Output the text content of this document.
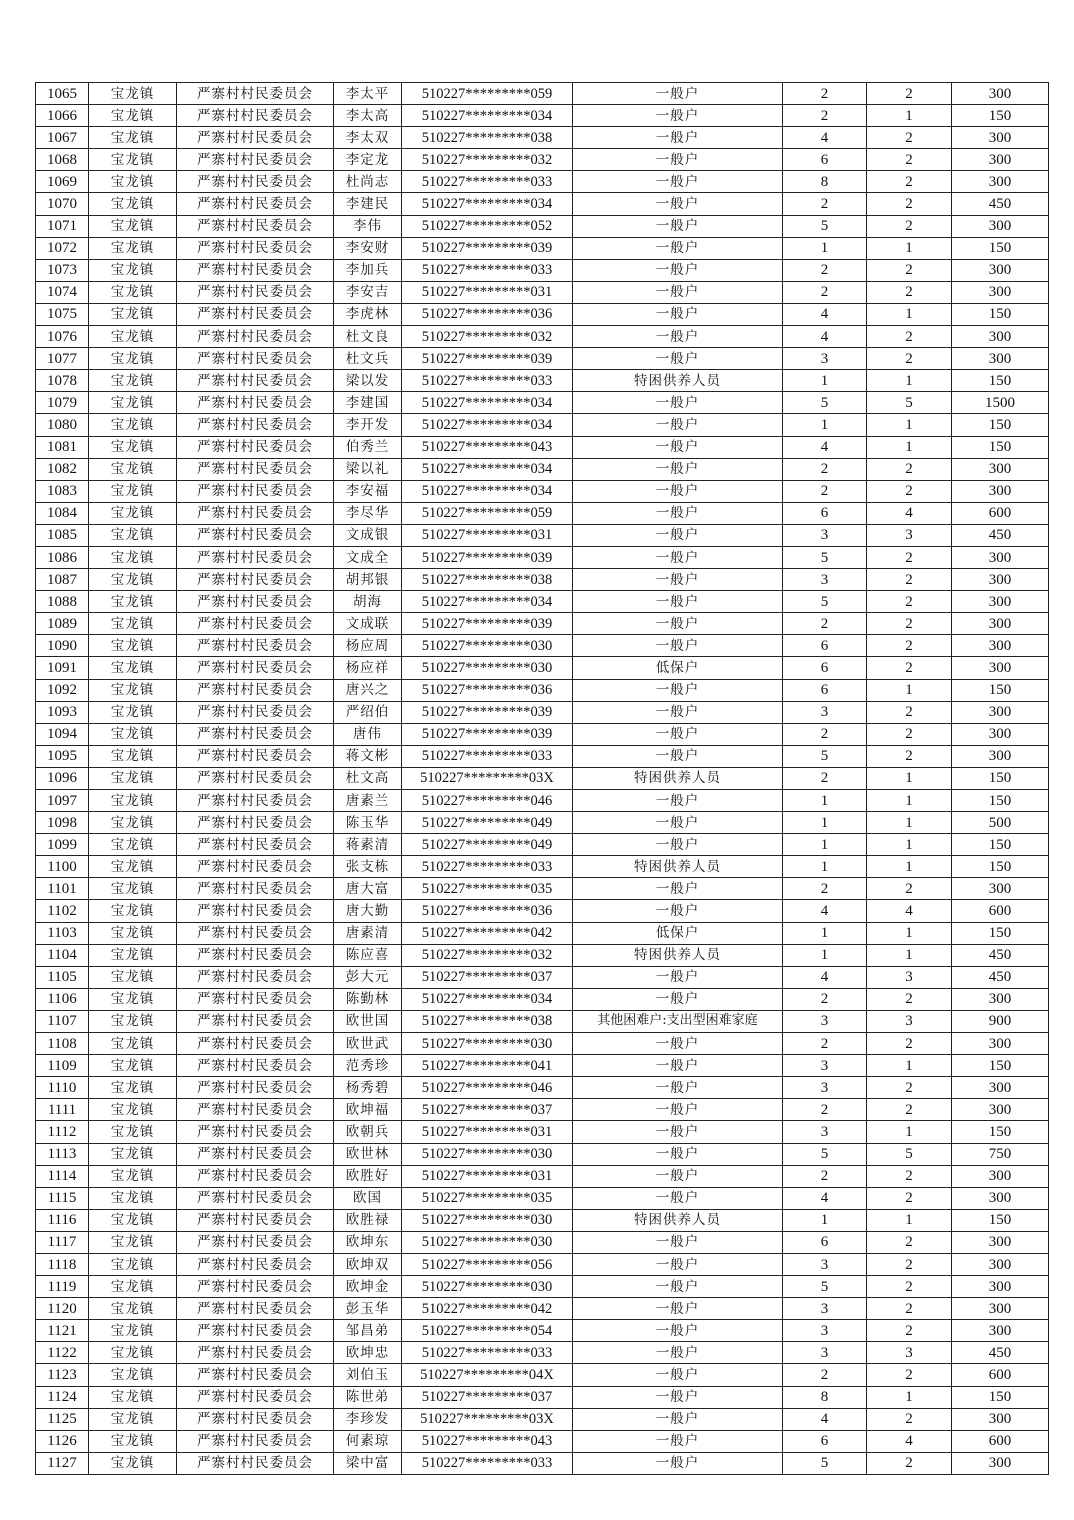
1065	宝龙镇	严寨村村民委员会	李太平	510227*********059	一般户	2	2	300
1066	宝龙镇	严寨村村民委员会	李太高	510227*********034	一般户	2	1	150
1067	宝龙镇	严寨村村民委员会	李太双	510227*********038	一般户	4	2	300
1068	宝龙镇	严寨村村民委员会	李定龙	510227*********032	一般户	6	2	300
1069	宝龙镇	严寨村村民委员会	杜尚志	510227*********033	一般户	8	2	300
1070	宝龙镇	严寨村村民委员会	李建民	510227*********034	一般户	2	2	450
1071	宝龙镇	严寨村村民委员会	李伟	510227*********052	一般户	5	2	300
1072	宝龙镇	严寨村村民委员会	李安财	510227*********039	一般户	1	1	150
1073	宝龙镇	严寨村村民委员会	李加兵	510227*********033	一般户	2	2	300
1074	宝龙镇	严寨村村民委员会	李安吉	510227*********031	一般户	2	2	300
1075	宝龙镇	严寨村村民委员会	李虎林	510227*********036	一般户	4	1	150
1076	宝龙镇	严寨村村民委员会	杜文良	510227*********032	一般户	4	2	300
1077	宝龙镇	严寨村村民委员会	杜文兵	510227*********039	一般户	3	2	300
1078	宝龙镇	严寨村村民委员会	梁以发	510227*********033	特困供养人员	1	1	150
1079	宝龙镇	严寨村村民委员会	李建国	510227*********034	一般户	5	5	1500
1080	宝龙镇	严寨村村民委员会	李开发	510227*********034	一般户	1	1	150
1081	宝龙镇	严寨村村民委员会	伯秀兰	510227*********043	一般户	4	1	150
1082	宝龙镇	严寨村村民委员会	梁以礼	510227*********034	一般户	2	2	300
1083	宝龙镇	严寨村村民委员会	李安福	510227*********034	一般户	2	2	300
1084	宝龙镇	严寨村村民委员会	李尽华	510227*********059	一般户	6	4	600
1085	宝龙镇	严寨村村民委员会	文成银	510227*********031	一般户	3	3	450
1086	宝龙镇	严寨村村民委员会	文成全	510227*********039	一般户	5	2	300
1087	宝龙镇	严寨村村民委员会	胡邦银	510227*********038	一般户	3	2	300
1088	宝龙镇	严寨村村民委员会	胡海	510227*********034	一般户	5	2	300
1089	宝龙镇	严寨村村民委员会	文成联	510227*********039	一般户	2	2	300
1090	宝龙镇	严寨村村民委员会	杨应周	510227*********030	一般户	6	2	300
1091	宝龙镇	严寨村村民委员会	杨应祥	510227*********030	低保户	6	2	300
1092	宝龙镇	严寨村村民委员会	唐兴之	510227*********036	一般户	6	1	150
1093	宝龙镇	严寨村村民委员会	严绍伯	510227*********039	一般户	3	2	300
1094	宝龙镇	严寨村村民委员会	唐伟	510227*********039	一般户	2	2	300
1095	宝龙镇	严寨村村民委员会	蒋文彬	510227*********033	一般户	5	2	300
1096	宝龙镇	严寨村村民委员会	杜文高	510227*********03X	特困供养人员	2	1	150
1097	宝龙镇	严寨村村民委员会	唐素兰	510227*********046	一般户	1	1	150
1098	宝龙镇	严寨村村民委员会	陈玉华	510227*********049	一般户	1	1	500
1099	宝龙镇	严寨村村民委员会	蒋素清	510227*********049	一般户	1	1	150
1100	宝龙镇	严寨村村民委员会	张支栋	510227*********033	特困供养人员	1	1	150
1101	宝龙镇	严寨村村民委员会	唐大富	510227*********035	一般户	2	2	300
1102	宝龙镇	严寨村村民委员会	唐大勤	510227*********036	一般户	4	4	600
1103	宝龙镇	严寨村村民委员会	唐素清	510227*********042	低保户	1	1	150
1104	宝龙镇	严寨村村民委员会	陈应喜	510227*********032	特困供养人员	1	1	450
1105	宝龙镇	严寨村村民委员会	彭大元	510227*********037	一般户	4	3	450
1106	宝龙镇	严寨村村民委员会	陈勤林	510227*********034	一般户	2	2	300
1107	宝龙镇	严寨村村民委员会	欧世国	510227*********038	其他困难户:支出型困难家庭	3	3	900
1108	宝龙镇	严寨村村民委员会	欧世武	510227*********030	一般户	2	2	300
1109	宝龙镇	严寨村村民委员会	范秀珍	510227*********041	一般户	3	1	150
1110	宝龙镇	严寨村村民委员会	杨秀碧	510227*********046	一般户	3	2	300
1111	宝龙镇	严寨村村民委员会	欧坤福	510227*********037	一般户	2	2	300
1112	宝龙镇	严寨村村民委员会	欧朝兵	510227*********031	一般户	3	1	150
1113	宝龙镇	严寨村村民委员会	欧世林	510227*********030	一般户	5	5	750
1114	宝龙镇	严寨村村民委员会	欧胜好	510227*********031	一般户	2	2	300
1115	宝龙镇	严寨村村民委员会	欧国	510227*********035	一般户	4	2	300
1116	宝龙镇	严寨村村民委员会	欧胜禄	510227*********030	特困供养人员	1	1	150
1117	宝龙镇	严寨村村民委员会	欧坤东	510227*********030	一般户	6	2	300
1118	宝龙镇	严寨村村民委员会	欧坤双	510227*********056	一般户	3	2	300
1119	宝龙镇	严寨村村民委员会	欧坤金	510227*********030	一般户	5	2	300
1120	宝龙镇	严寨村村民委员会	彭玉华	510227*********042	一般户	3	2	300
1121	宝龙镇	严寨村村民委员会	邹昌弟	510227*********054	一般户	3	2	300
1122	宝龙镇	严寨村村民委员会	欧坤忠	510227*********033	一般户	3	3	450
1123	宝龙镇	严寨村村民委员会	刘伯玉	510227*********04X	一般户	2	2	600
1124	宝龙镇	严寨村村民委员会	陈世弟	510227*********037	一般户	8	1	150
1125	宝龙镇	严寨村村民委员会	李珍发	510227*********03X	一般户	4	2	300
1126	宝龙镇	严寨村村民委员会	何素琼	510227*********043	一般户	6	4	600
1127	宝龙镇	严寨村村民委员会	梁中富	510227*********033	一般户	5	2	300
